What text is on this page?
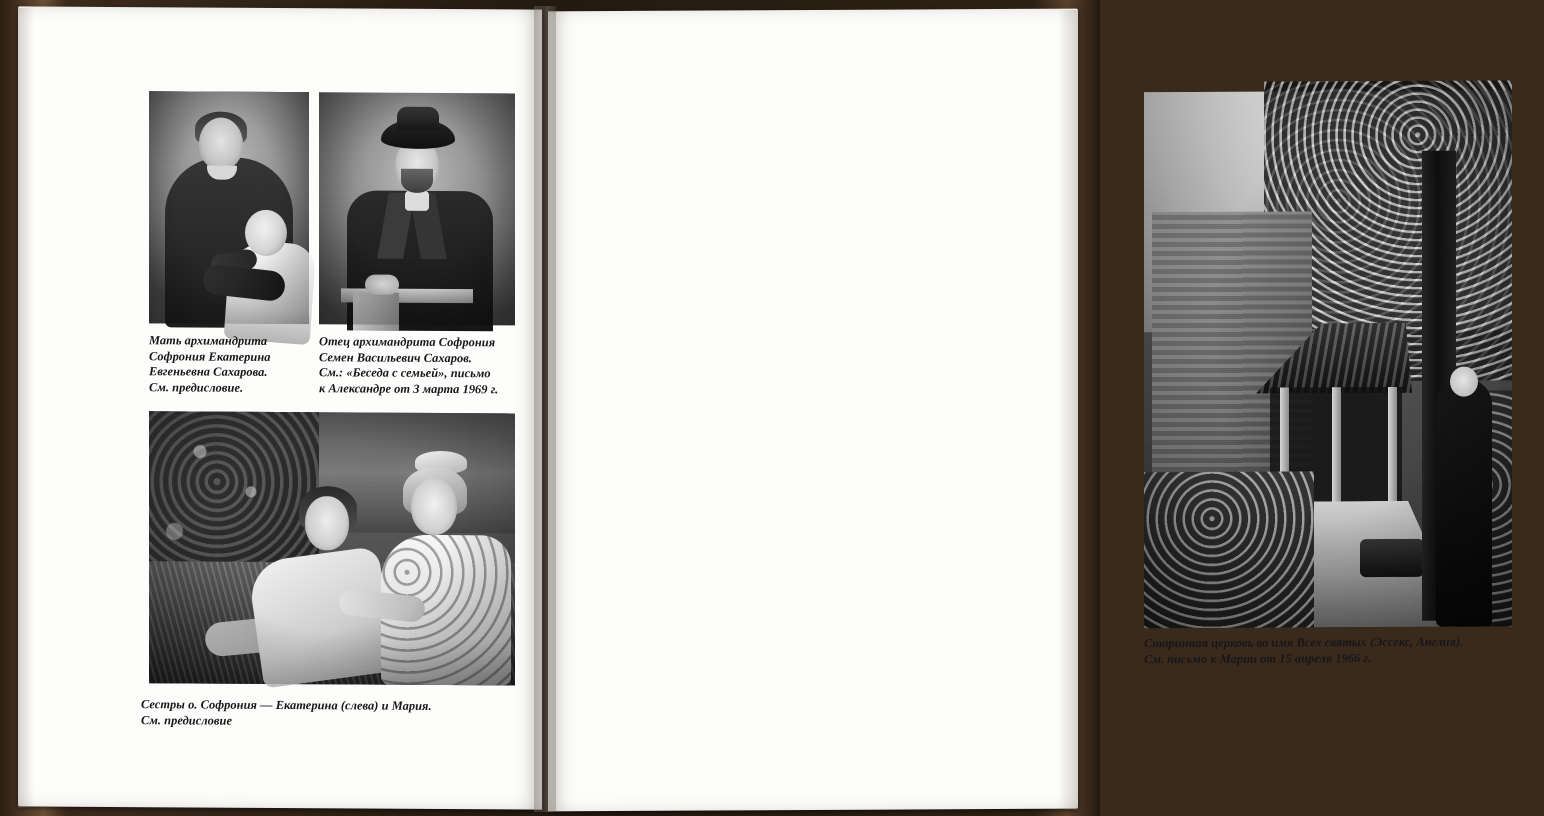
Мать архимандрита
Софрония Екатерина
Евгеньевна Сахарова.
См. предисловие.
Отец архимандрита Софрония
Семен Васильевич Сахаров.
См.: «Беседа с семьей», письмо
к Александре от 3 марта 1969 г.
Сестры о. Софрония — Екатерина (слева) и Мария.
См. предисловие
Старинная церковь во имя Всех святых (Эссекс, Англия).
См. письмо к Марии от 15 апреля 1966 г.
